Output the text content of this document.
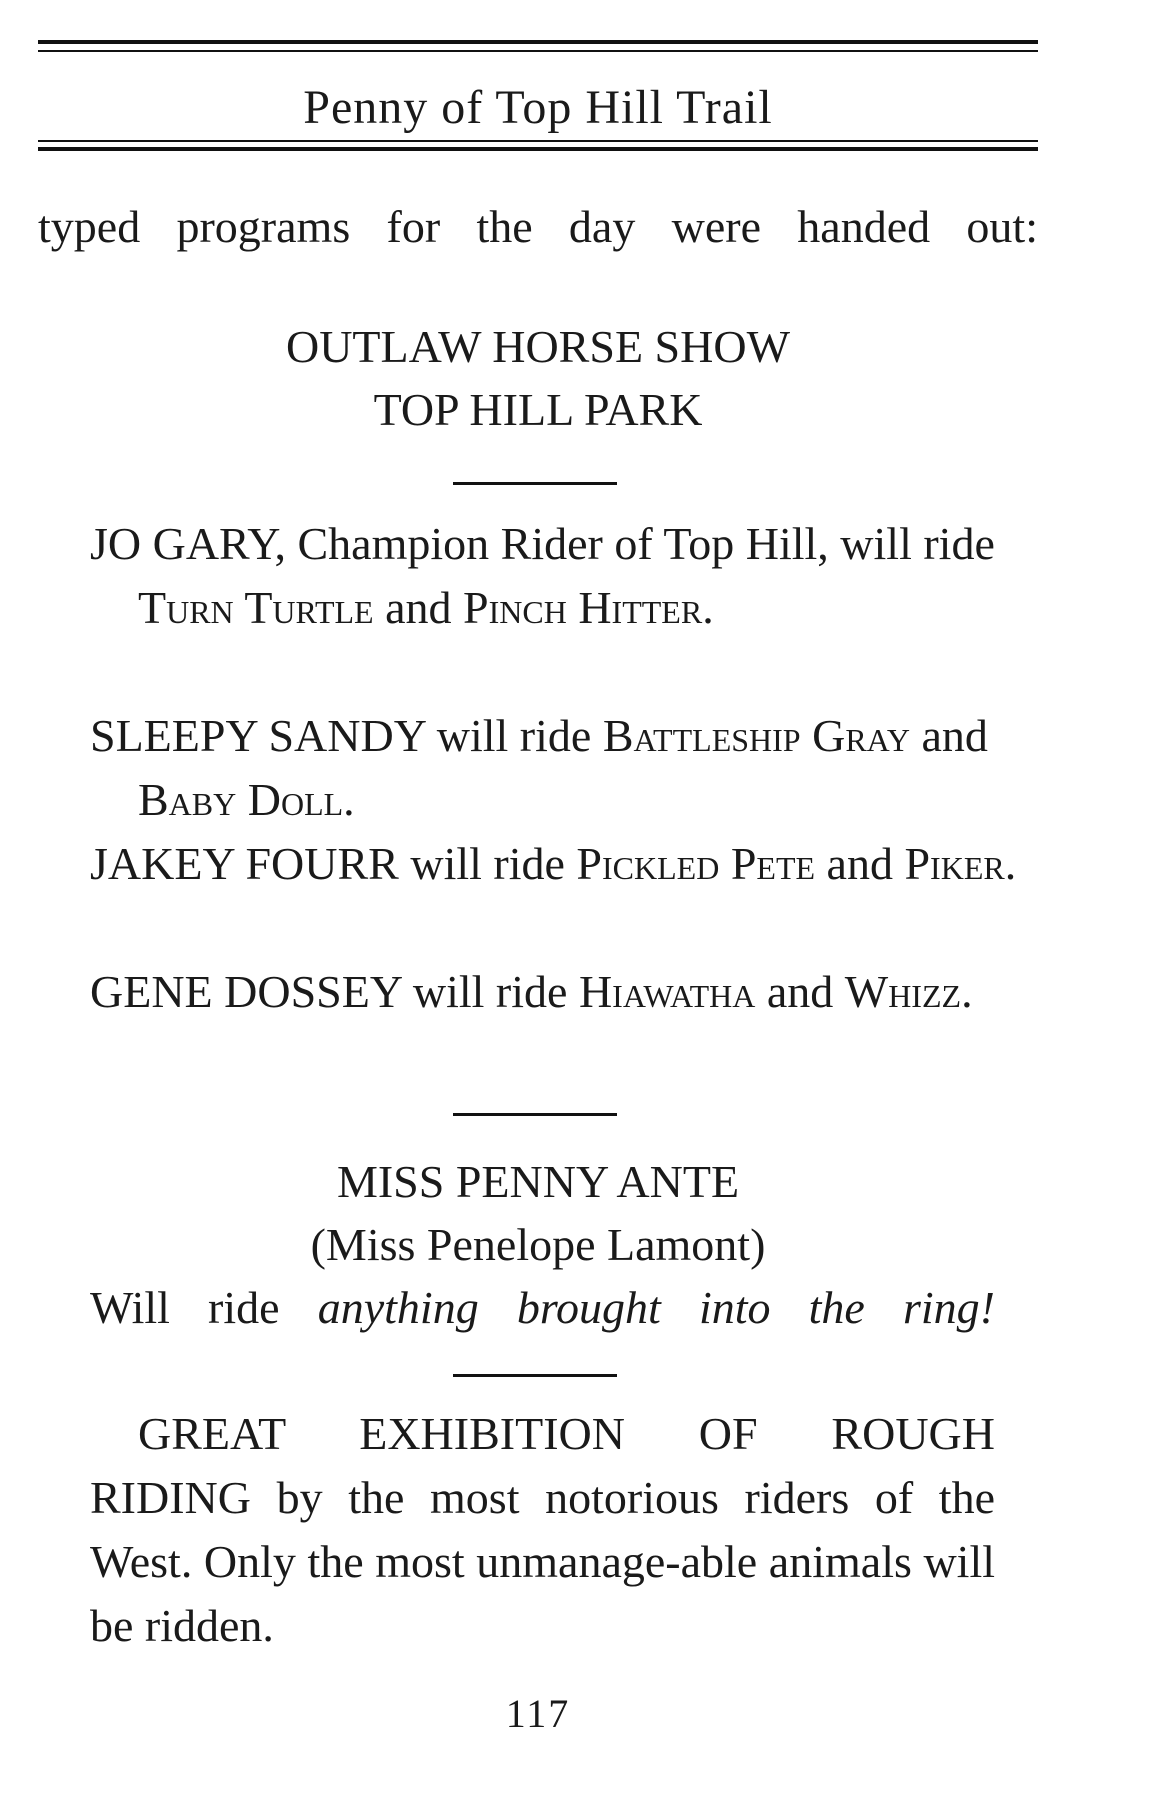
Penny of Top Hill Trail
typed programs for the day were handed out:
OUTLAW HORSE SHOW
TOP HILL PARK
JO GARY, Champion Rider of Top Hill, will ride Turn Turtle and Pinch Hitter.
SLEEPY SANDY will ride Battleship Gray and Baby Doll.
JAKEY FOURR will ride Pickled Pete and Piker.
GENE DOSSEY will ride Hiawatha and Whizz.
MISS PENNY ANTE
(Miss Penelope Lamont)
Will ride anything brought into the ring!
GREAT EXHIBITION OF ROUGH
RIDING by the most notorious riders of the West. Only the most unmanage-able animals will be ridden.
117
